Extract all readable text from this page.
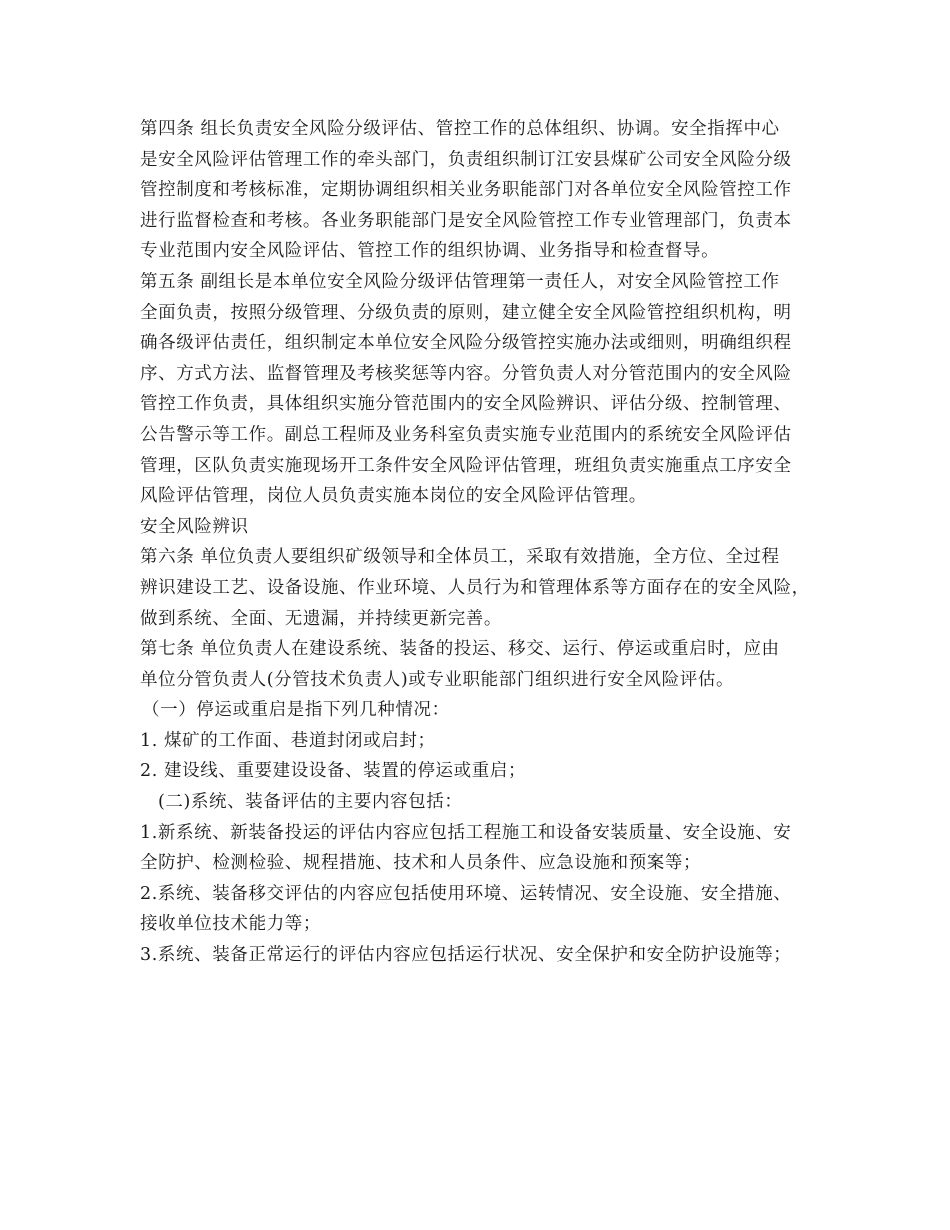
第四条 组长负责安全风险分级评估、管控工作的总体组织、协调。安全指挥中心
是安全风险评估管理工作的牵头部门，负责组织制订江安县煤矿公司安全风险分级
管控制度和考核标准，定期协调组织相关业务职能部门对各单位安全风险管控工作
进行监督检查和考核。各业务职能部门是安全风险管控工作专业管理部门，负责本
专业范围内安全风险评估、管控工作的组织协调、业务指导和检查督导。
第五条 副组长是本单位安全风险分级评估管理第一责任人，对安全风险管控工作
全面负责，按照分级管理、分级负责的原则，建立健全安全风险管控组织机构，明
确各级评估责任，组织制定本单位安全风险分级管控实施办法或细则，明确组织程
序、方式方法、监督管理及考核奖惩等内容。分管负责人对分管范围内的安全风险
管控工作负责，具体组织实施分管范围内的安全风险辨识、评估分级、控制管理、
公告警示等工作。副总工程师及业务科室负责实施专业范围内的系统安全风险评估
管理，区队负责实施现场开工条件安全风险评估管理，班组负责实施重点工序安全
风险评估管理，岗位人员负责实施本岗位的安全风险评估管理。
安全风险辨识
第六条 单位负责人要组织矿级领导和全体员工，采取有效措施，全方位、全过程
辨识建设工艺、设备设施、作业环境、人员行为和管理体系等方面存在的安全风险，
做到系统、全面、无遗漏，并持续更新完善。
第七条 单位负责人在建设系统、装备的投运、移交、运行、停运或重启时，应由
单位分管负责人(分管技术负责人)或专业职能部门组织进行安全风险评估。
（一）停运或重启是指下列几种情况：
1. 煤矿的工作面、巷道封闭或启封；
2. 建设线、重要建设设备、装置的停运或重启；
(二)系统、装备评估的主要内容包括：
1.新系统、新装备投运的评估内容应包括工程施工和设备安装质量、安全设施、安
全防护、检测检验、规程措施、技术和人员条件、应急设施和预案等；
2.系统、装备移交评估的内容应包括使用环境、运转情况、安全设施、安全措施、
接收单位技术能力等；
3.系统、装备正常运行的评估内容应包括运行状况、安全保护和安全防护设施等；
